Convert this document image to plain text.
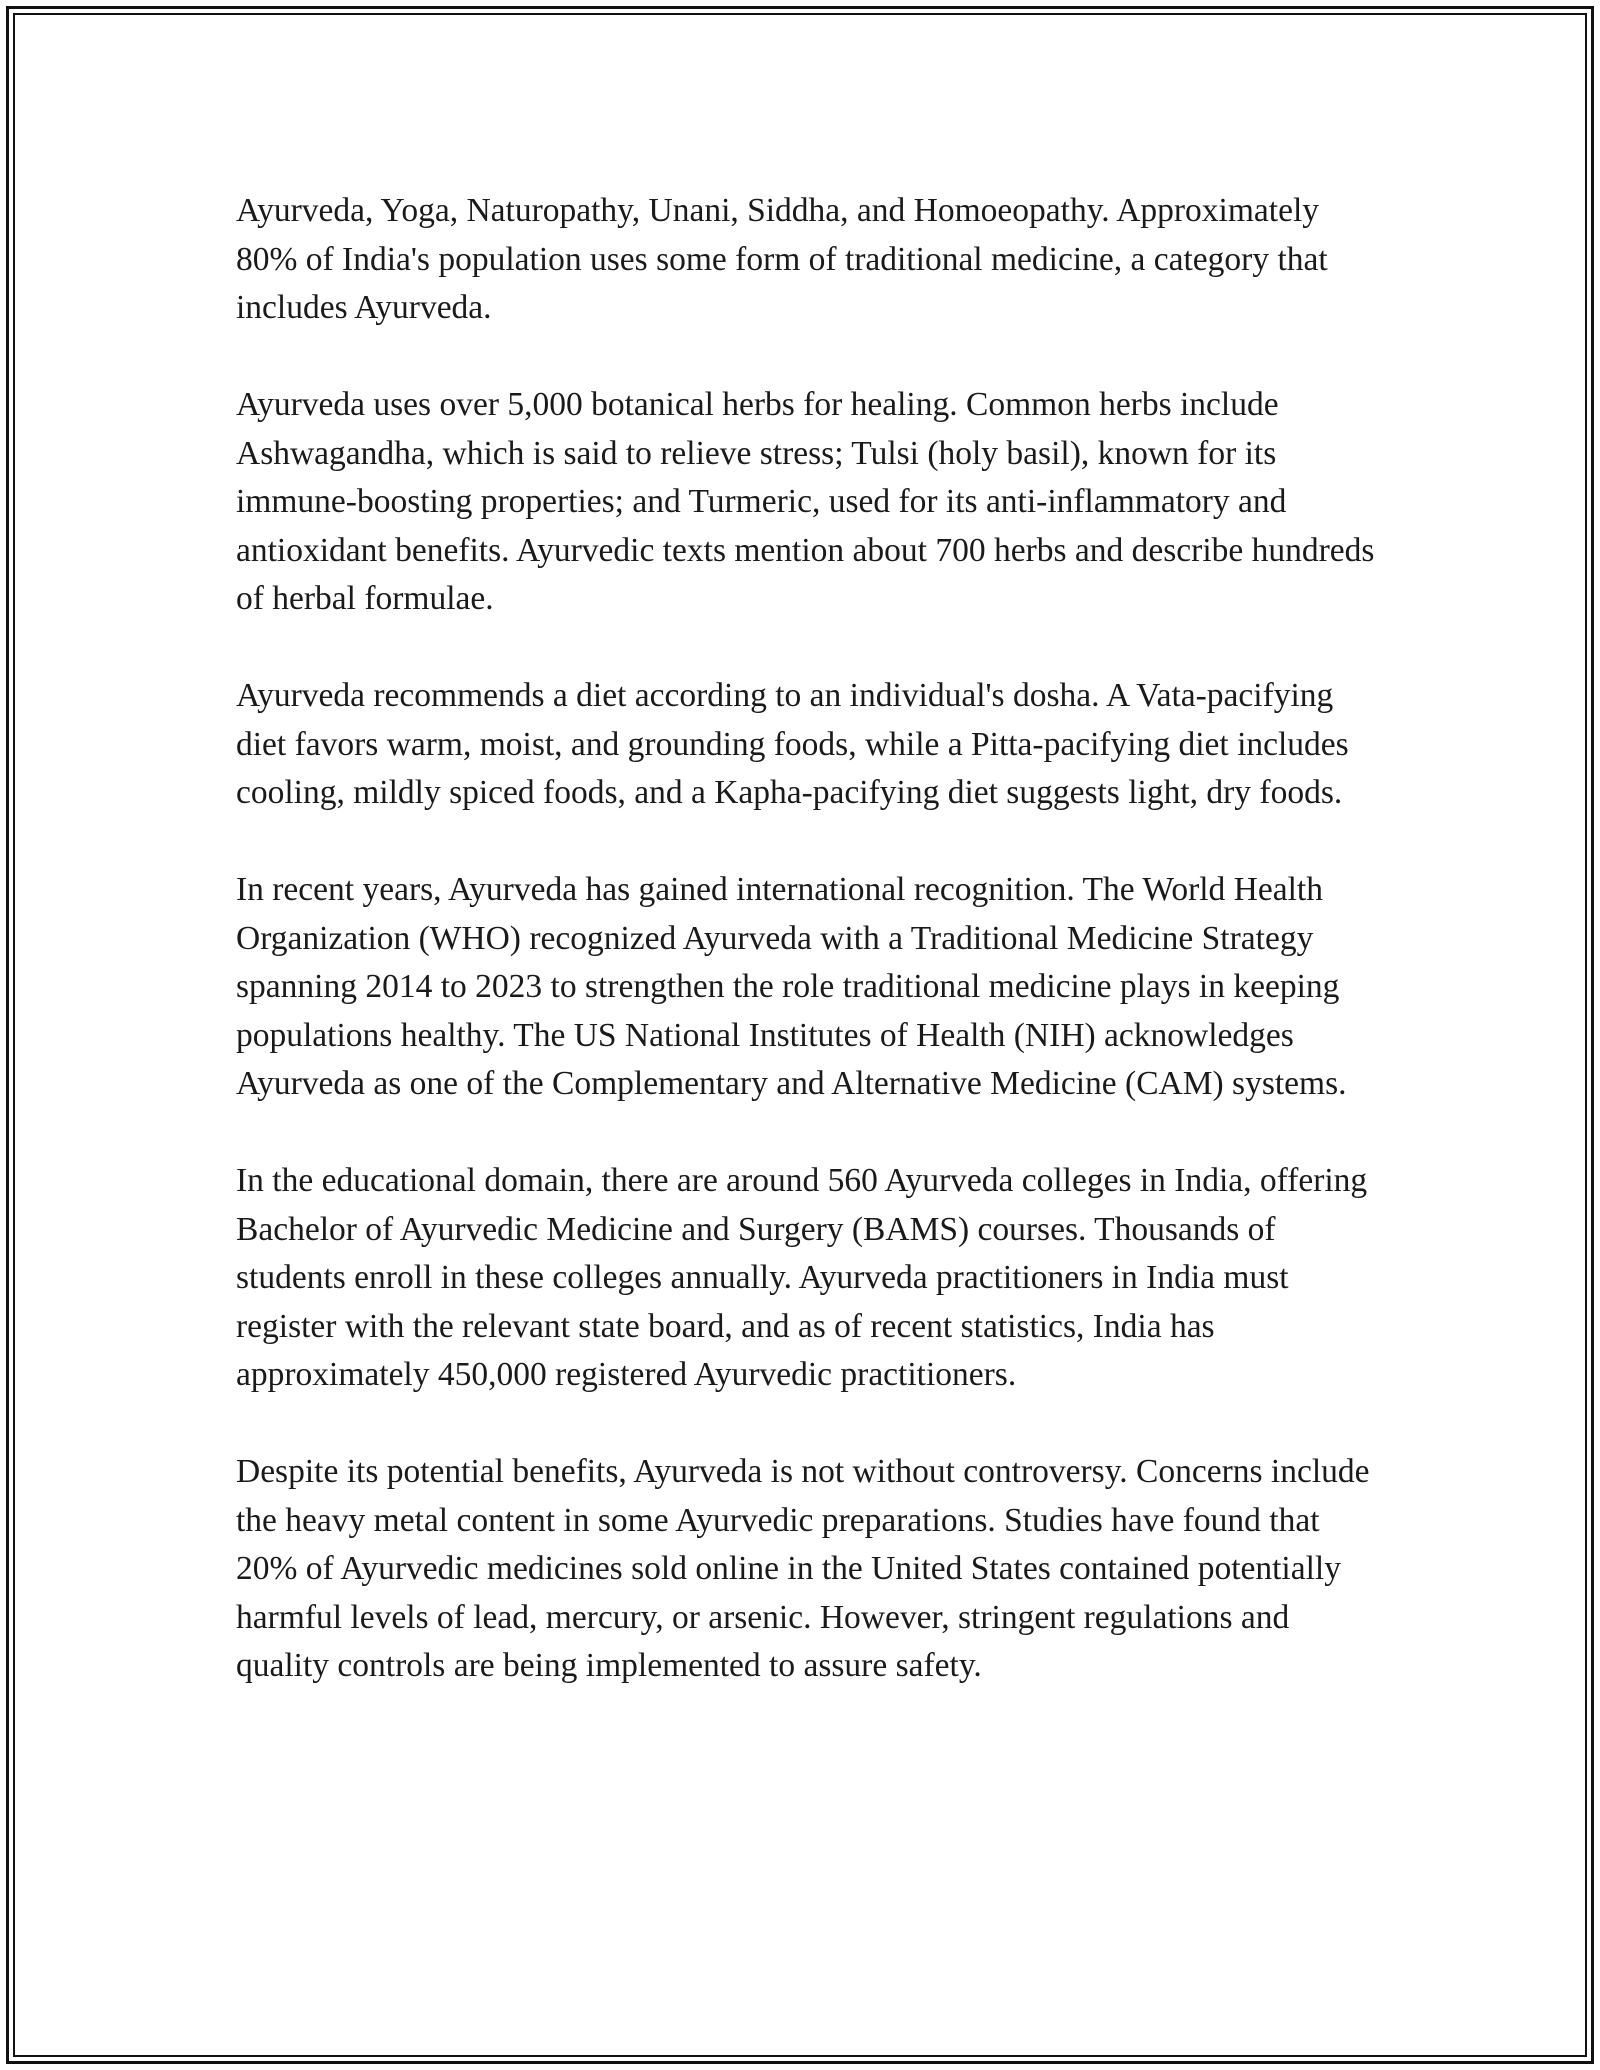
Ayurveda, Yoga, Naturopathy, Unani, Siddha, and Homoeopathy. Approximately 80% of India's population uses some form of traditional medicine, a category that includes Ayurveda.

Ayurveda uses over 5,000 botanical herbs for healing. Common herbs include Ashwagandha, which is said to relieve stress; Tulsi (holy basil), known for its immune-boosting properties; and Turmeric, used for its anti-inflammatory and antioxidant benefits. Ayurvedic texts mention about 700 herbs and describe hundreds of herbal formulae.

Ayurveda recommends a diet according to an individual's dosha. A Vata-pacifying diet favors warm, moist, and grounding foods, while a Pitta-pacifying diet includes cooling, mildly spiced foods, and a Kapha-pacifying diet suggests light, dry foods.

In recent years, Ayurveda has gained international recognition. The World Health Organization (WHO) recognized Ayurveda with a Traditional Medicine Strategy spanning 2014 to 2023 to strengthen the role traditional medicine plays in keeping populations healthy. The US National Institutes of Health (NIH) acknowledges Ayurveda as one of the Complementary and Alternative Medicine (CAM) systems.

In the educational domain, there are around 560 Ayurveda colleges in India, offering Bachelor of Ayurvedic Medicine and Surgery (BAMS) courses. Thousands of students enroll in these colleges annually. Ayurveda practitioners in India must register with the relevant state board, and as of recent statistics, India has approximately 450,000 registered Ayurvedic practitioners.

Despite its potential benefits, Ayurveda is not without controversy. Concerns include the heavy metal content in some Ayurvedic preparations. Studies have found that 20% of Ayurvedic medicines sold online in the United States contained potentially harmful levels of lead, mercury, or arsenic. However, stringent regulations and quality controls are being implemented to assure safety.
